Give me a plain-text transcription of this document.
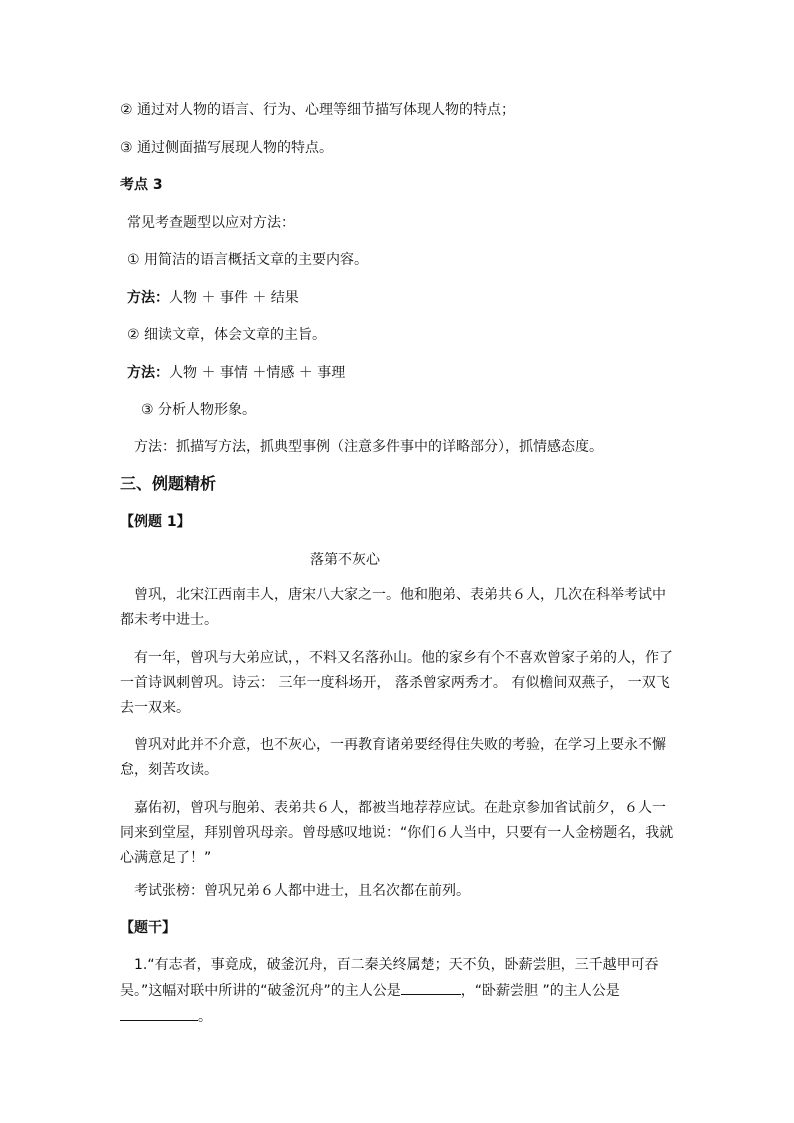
② 通过对人物的语言、行为、心理等细节描写体现人物的特点；
③ 通过侧面描写展现人物的特点。
考点 3
常见考查题型以应对方法：
① 用简洁的语言概括文章的主要内容。
方法：人物 ＋ 事件 ＋ 结果
② 细读文章，体会文章的主旨。
方法：人物 ＋ 事情 ＋情感 ＋ 事理
③ 分析人物形象。
方法：抓描写方法，抓典型事例（注意多件事中的详略部分），抓情感态度。
三、例题精析
【例题 1】
落第不灰心
曾巩，北宋江西南丰人，唐宋八大家之一。他和胞弟、表弟共６人，几次在科举考试中都未考中进士。
有一年，曾巩与大弟应试，，不料又名落孙山。他的家乡有个不喜欢曾家子弟的人，作了一首诗讽刺曾巩。诗云： 三年一度科场开， 落杀曾家两秀才。 有似檐间双燕子， 一双飞去一双来。
曾巩对此并不介意，也不灰心，一再教育诸弟要经得住失败的考验，在学习上要永不懈怠，刻苦攻读。
嘉佑初，曾巩与胞弟、表弟共６人，都被当地荐荐应试。在赴京参加省试前夕，６人一同来到堂屋，拜别曾巩母亲。曾母感叹地说：“你们６人当中，只要有一人金榜题名，我就心满意足了！”
考试张榜：曾巩兄弟６人都中进士，且名次都在前列。
【题干】
1.“有志者，事竟成，破釜沉舟，百二秦关终属楚；天不负，卧薪尝胆，三千越甲可吞吴。”这幅对联中所讲的“破釜沉舟”的主人公是	，“卧薪尝胆 ”的主人公是。
